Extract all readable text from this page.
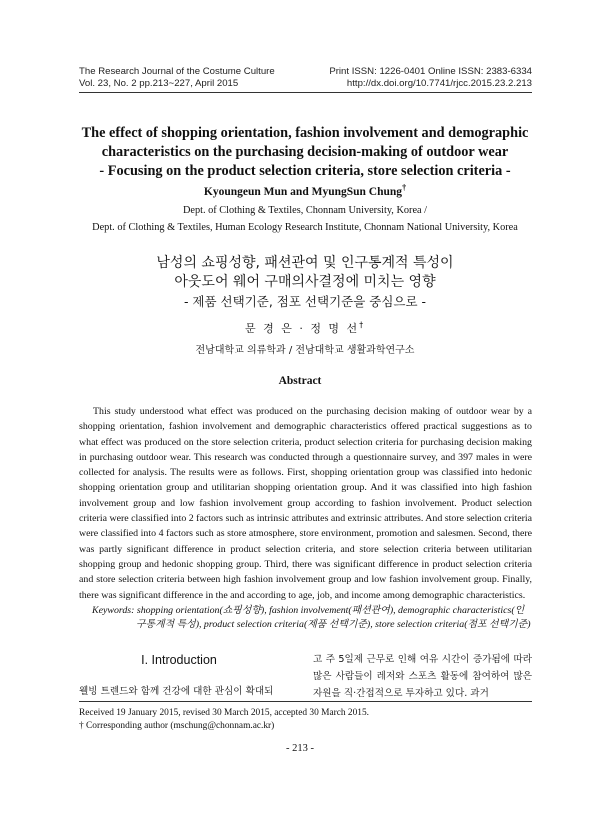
The Research Journal of the Costume Culture
Vol. 23, No. 2 pp.213~227, April 2015
Print ISSN: 1226-0401 Online ISSN: 2383-6334
http://dx.doi.org/10.7741/rjcc.2015.23.2.213
The effect of shopping orientation, fashion involvement and demographic
characteristics on the purchasing decision-making of outdoor wear
- Focusing on the product selection criteria, store selection criteria -
Kyoungeun Mun and MyungSun Chung†
Dept. of Clothing & Textiles, Chonnam University, Korea /
Dept. of Clothing & Textiles, Human Ecology Research Institute, Chonnam National University, Korea
남성의 쇼핑성향, 패션관여 및 인구통계적 특성이
아웃도어 웨어 구매의사결정에 미치는 영향
- 제품 선택기준, 점포 선택기준을 중심으로 -
문 경 은 · 정 명 선†
전남대학교 의류학과 / 전남대학교 생활과학연구소
Abstract
This study understood what effect was produced on the purchasing decision making of outdoor wear by a shopping orientation, fashion involvement and demographic characteristics offered practical suggestions as to what effect was produced on the store selection criteria, product selection criteria for purchasing decision making in purchasing outdoor wear. This research was conducted through a questionnaire survey, and 397 males in were collected for analysis. The results were as follows. First, shopping orientation group was classified into hedonic shopping orientation group and utilitarian shopping orientation group. And it was classified into high fashion involvement group and low fashion involvement group according to fashion involvement. Product selection criteria were classified into 2 factors such as intrinsic attributes and extrinsic attributes. And store selection criteria were classified into 4 factors such as store atmosphere, store environment, promotion and salesmen. Second, there was partly significant difference in product selection criteria, and store selection criteria between utilitarian shopping group and hedonic shopping group. Third, there was significant difference in product selection criteria and store selection criteria between high fashion involvement group and low fashion involvement group. Finally, there was significant difference in the and according to age, job, and income among demographic characteristics.
Keywords: shopping orientation(쇼핑성향), fashion involvement(패션관여), demographic characteristics(인구통계적 특성), product selection criteria(제품 선택기준), store selection criteria(점포 선택기준)
I. Introduction
웰빙 트렌드와 함께 건강에 대한 관심이 확대되
고 주 5일제 근무로 인해 여유 시간이 증가됨에 따라 많은 사람들이 레저와 스포츠 활동에 참여하여 많은 자원을 직·간접적으로 투자하고 있다. 과거
Received 19 January 2015, revised 30 March 2015, accepted 30 March 2015.
† Corresponding author (mschung@chonnam.ac.kr)
- 213 -
